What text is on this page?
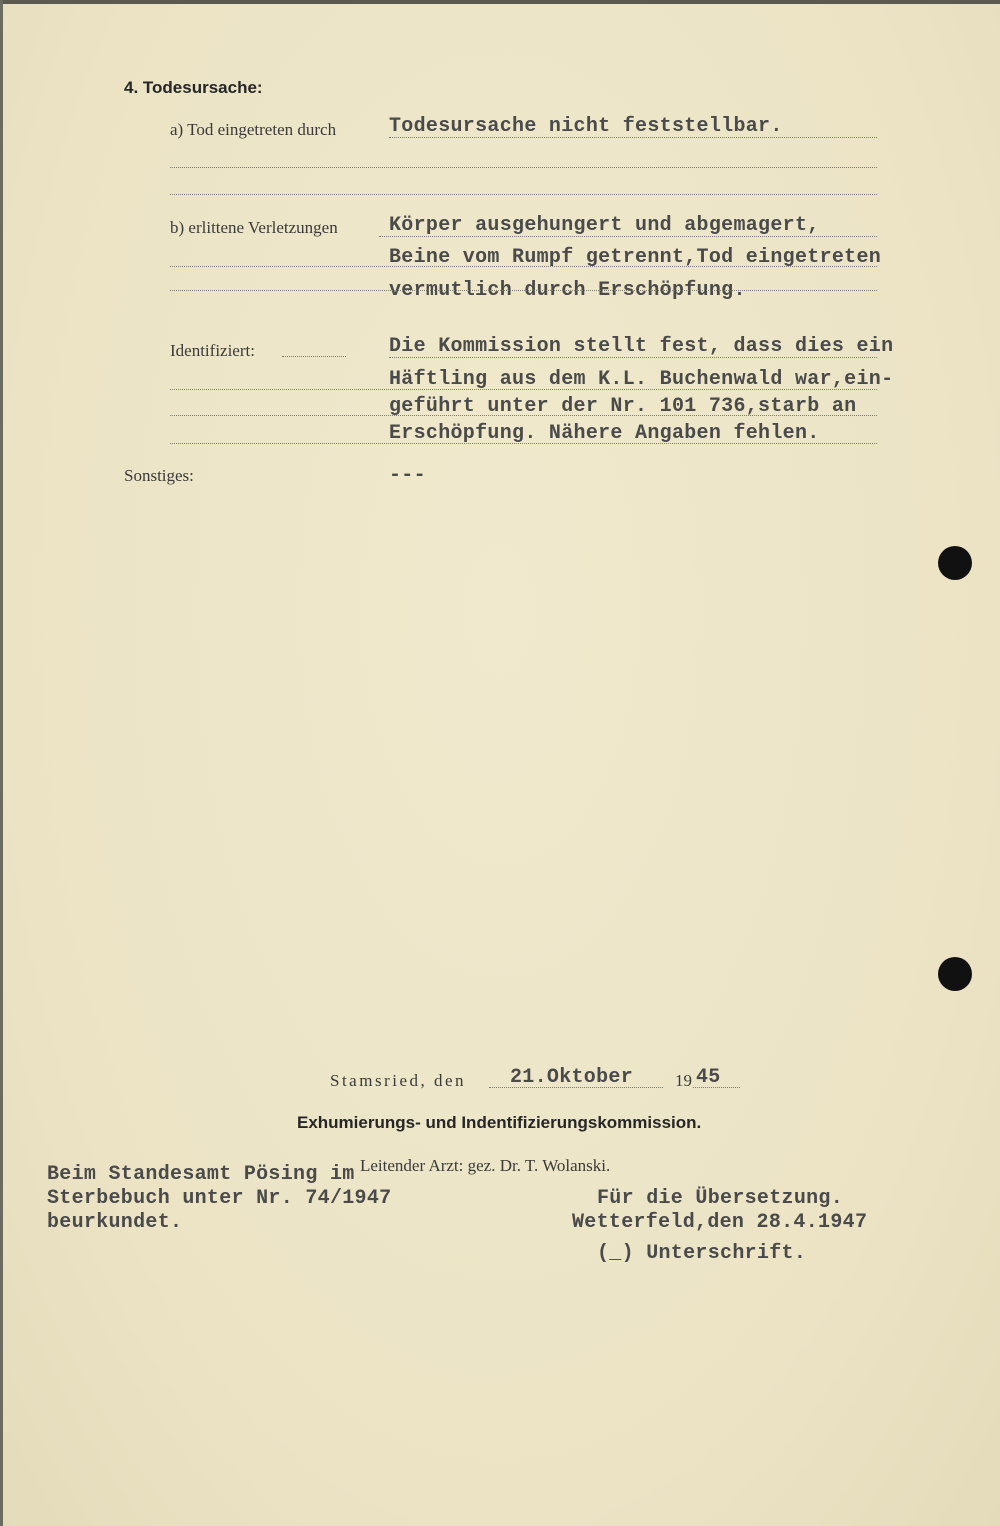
4. Todesursache:
a) Tod eingetreten durch	Todesursache nicht feststellbar.
b) erlittene Verletzungen	Körper ausgehungert und abgemagert,
Beine vom Rumpf getrennt,Tod eingetreten
vermutlich durch Erschöpfung.
Identifiziert:	Die Kommission stellt fest, dass dies ein
Häftling aus dem K.L. Buchenwald war,ein-
geführt unter der Nr. 101 736,starb an
Erschöpfung. Nähere Angaben fehlen.
Sonstiges:	---
Stamsried, den 21.Oktober 19 45
Exhumierungs- und Indentifizierungskommission.
Leitender Arzt: gez. Dr. T. Wolanski.
Beim Standesamt Pösing im
Sterbebuch unter Nr. 74/1947
beurkundet.
Für die Übersetzung.
Wetterfeld,den 28.4.1947
(_) Unterschrift.
